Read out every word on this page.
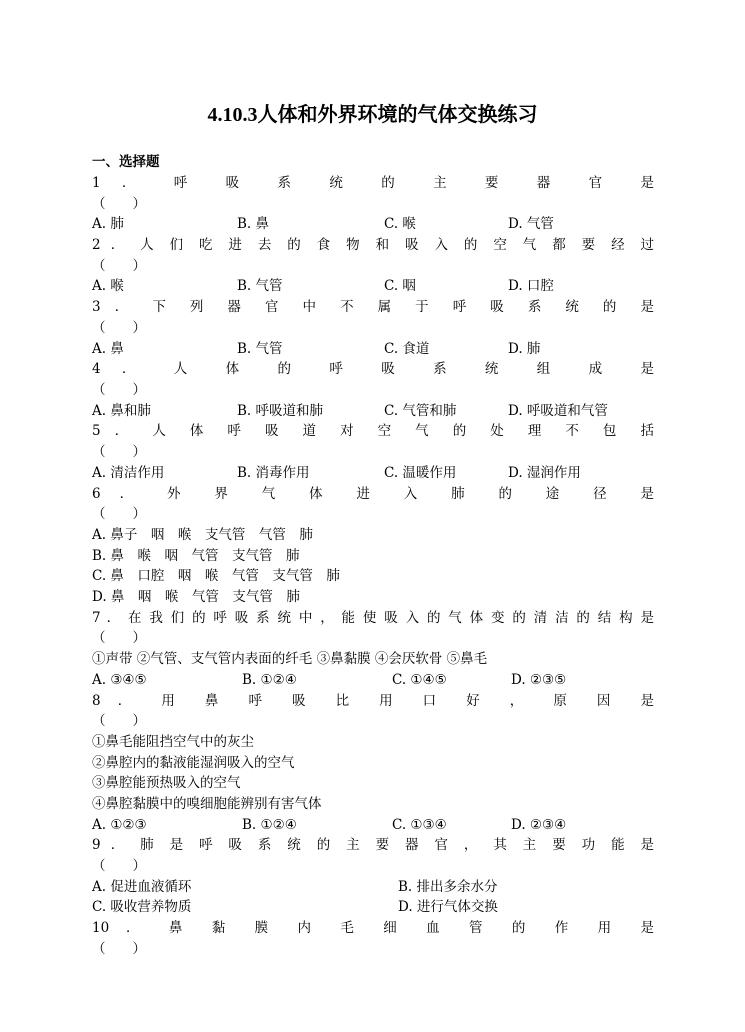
4.10.3人体和外界环境的气体交换练习
一、选择题
1 ． 呼 吸 系 统 的 主 要 器 官 是
（　　）
A. 肺	B. 鼻	C. 喉	D. 气管
2 ． 人 们 吃 进 去 的 食 物 和 吸 入 的 空 气 都 要 经 过
（　　）
A. 喉	B. 气管	C. 咽	D. 口腔
3 ． 下 列 器 官 中 不 属 于 呼 吸 系 统 的 是
（　　）
A. 鼻	B. 气管	C. 食道	D. 肺
4 ． 人 体 的 呼 吸 系 统 组 成 是
（　　）
A. 鼻和肺	B. 呼吸道和肺	C. 气管和肺	D. 呼吸道和气管
5 ． 人 体 呼 吸 道 对 空 气 的 处 理 不 包 括
（　　）
A. 清洁作用	B. 消毒作用	C. 温暖作用	D. 湿润作用
6 ． 外 界 气 体 进 入 肺 的 途 径 是
（　　）
A. 鼻子　咽　喉　支气管　气管　肺
B. 鼻　喉　咽　气管　支气管　肺
C. 鼻　口腔　咽　喉　气管　支气管　肺
D. 鼻　咽　喉　气管　支气管　肺
7 ． 在 我 们 的 呼 吸 系 统 中 ， 能 使 吸 入 的 气 体 变 的 清 洁 的 结 构 是
（　　）
①声带 ②气管、支气管内表面的纤毛 ③鼻黏膜 ④会厌软骨 ⑤鼻毛
A. ③④⑤	B. ①②④	C. ①④⑤	D. ②③⑤
8 ． 用 鼻 呼 吸 比 用 口 好 ， 原 因 是
（　　）
①鼻毛能阻挡空气中的灰尘
②鼻腔内的黏液能湿润吸入的空气
③鼻腔能预热吸入的空气
④鼻腔黏膜中的嗅细胞能辨别有害气体
A. ①②③	B. ①②④	C. ①③④	D. ②③④
9 ． 肺 是 呼 吸 系 统 的 主 要 器 官 ， 其 主 要 功 能 是
（　　）
A. 促进血液循环	B. 排出多余水分
C. 吸收营养物质	D. 进行气体交换
10 ． 鼻 黏 膜 内 毛 细 血 管 的 作 用 是
（　　）
